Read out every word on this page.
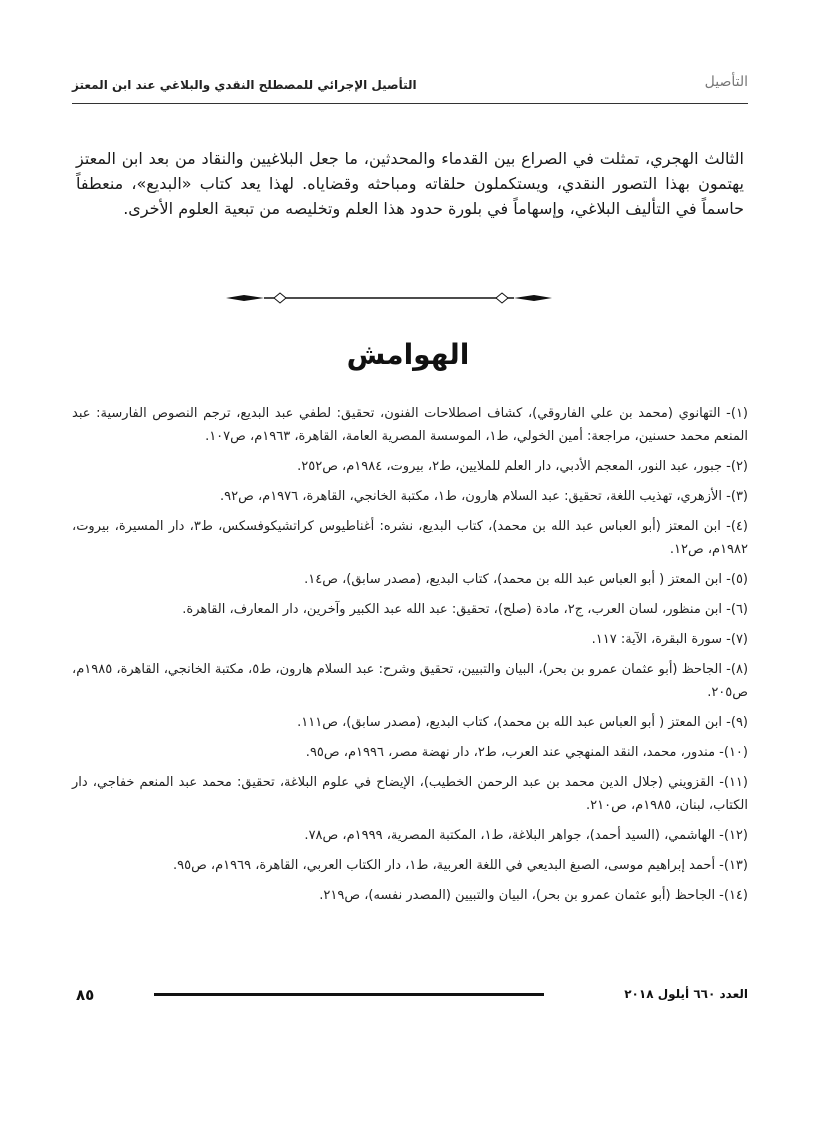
التأصيل
التأصيل الإجرائي للمصطلح النقدي والبلاغي عند ابن المعتز

الثالث الهجري، تمثلت في الصراع بين القدماء والمحدثين، ما جعل البلاغيين والنقاد من بعد ابن المعتز يهتمون بهذا التصور النقدي، ويستكملون حلقاته ومباحثه وقضاياه. لهذا يعد كتاب «البديع»، منعطفاً حاسماً في التأليف البلاغي، وإسهاماً في بلورة حدود هذا العلم وتخليصه من تبعية العلوم الأخرى.

الهوامش
(١)- التهانوي (محمد بن علي الفاروقي)، كشاف اصطلاحات الفنون، تحقيق: لطفي عبد البديع، ترجم النصوص الفارسية: عبد المنعم محمد حسنين، مراجعة: أمين الخولي، ط١، الموسسة المصرية العامة، القاهرة، ١٩٦٣م، ص١٠٧.
(٢)- جبور، عبد النور، المعجم الأدبي، دار العلم للملايين، ط٢، بيروت، ١٩٨٤م، ص٢٥٢.
(٣)- الأزهري، تهذيب اللغة، تحقيق: عبد السلام هارون، ط١، مكتبة الخانجي، القاهرة، ١٩٧٦م، ص٩٢.
(٤)- ابن المعتز (أبو العباس عبد الله بن محمد)، كتاب البديع، نشره: أغناطيوس كراتشيكوفسكس، ط٣، دار المسيرة، بيروت، ١٩٨٢م، ص١٢.
(٥)- ابن المعتز ( أبو العباس عبد الله بن محمد)، كتاب البديع، (مصدر سابق)، ص١٤.
(٦)- ابن منظور، لسان العرب، ج٢، مادة (صلح)، تحقيق: عبد الله عبد الكبير وآخرين، دار المعارف، القاهرة.
(٧)- سورة البقرة، الآية: ١١٧.
(٨)- الجاحظ (أبو عثمان عمرو بن بحر)، البيان والتبيين، تحقيق وشرح: عبد السلام هارون، ط٥، مكتبة الخانجي، القاهرة، ١٩٨٥م، ص٢٠٥.
(٩)- ابن المعتز ( أبو العباس عبد الله بن محمد)، كتاب البديع، (مصدر سابق)، ص١١١.
(١٠)- مندور، محمد، النقد المنهجي عند العرب، ط٢، دار نهضة مصر، ١٩٩٦م، ص٩٥.
(١١)- القزويني (جلال الدين محمد بن عبد الرحمن الخطيب)، الإيضاح في علوم البلاغة، تحقيق: محمد عبد المنعم خفاجي، دار الكتاب، لبنان، ١٩٨٥م، ص٢١٠.
(١٢)- الهاشمي، (السيد أحمد)، جواهر البلاغة، ط١، المكتبة المصرية، ١٩٩٩م، ص٧٨.
(١٣)- أحمد إبراهيم موسى، الصبغ البديعي في اللغة العربية، ط١، دار الكتاب العربي، القاهرة، ١٩٦٩م، ص٩٥.
(١٤)- الجاحظ (أبو عثمان عمرو بن بحر)، البيان والتبيين (المصدر نفسه)، ص٢١٩.
٨٥	العدد ٦٦٠ أيلول ٢٠١٨
